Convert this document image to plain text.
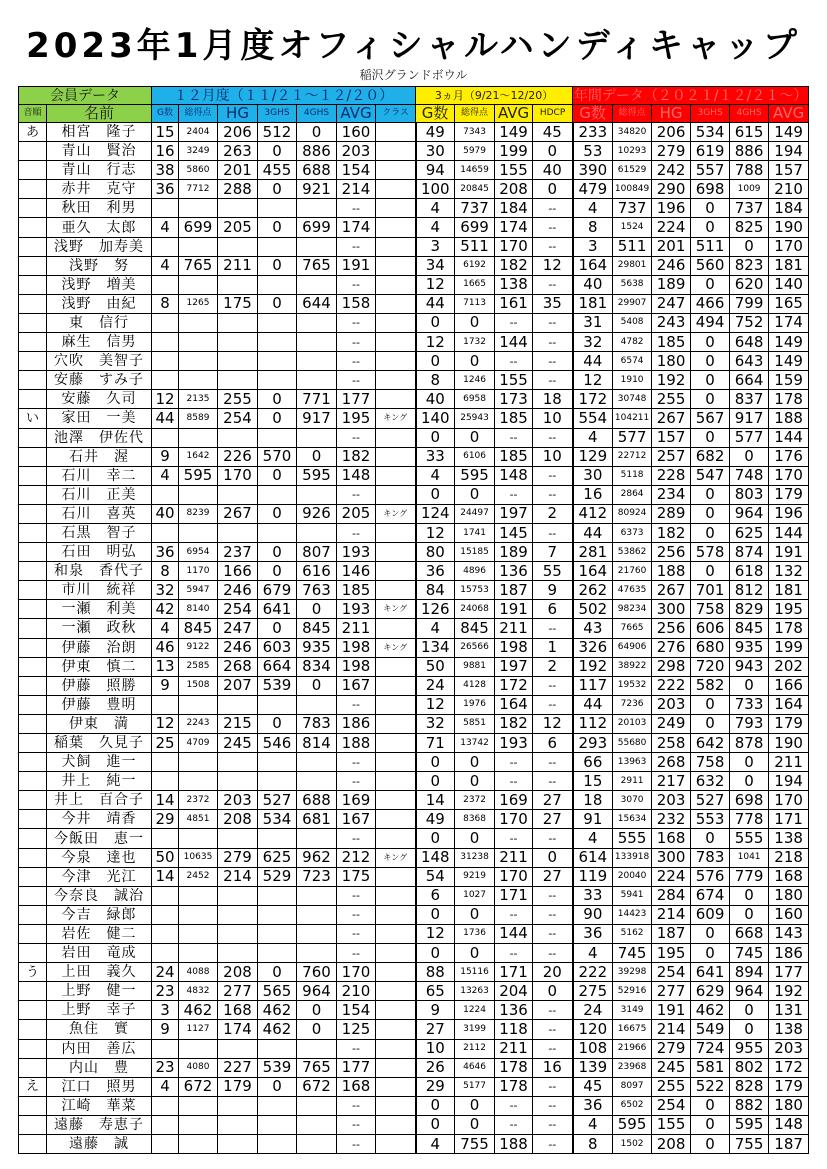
2023年1月度オフィシャルハンディキャップ
稲沢グランドボウル
会員データ		１２月度（１１/２１～１２/２０）							3ヵ月（9/21～12/20）				年間データ（２０２１/１２/２１～）					
音順	名前	G数	総得点	HG	3GHS	4GHS	AVG	クラス	G数	総得点	AVG	HDCP	G数	総得点	HG	3GHS	4GHS	AVG
あ	相宮　隆子	15	2404	206	512	0	160		49	7343	149	45	233	34820	206	534	615	149
	青山　賢治	16	3249	263	0	886	203		30	5979	199	0	53	10293	279	619	886	194
	青山　行志	38	5860	201	455	688	154		94	14659	155	40	390	61529	242	557	788	157
	赤井　克守	36	7712	288	0	921	214		100	20845	208	0	479	100849	290	698	1009	210
	秋田　利男						--		4	737	184	--	4	737	196	0	737	184
	亜久　太郎	4	699	205	0	699	174		4	699	174	--	8	1524	224	0	825	190
	浅野　加寿美						--		3	511	170	--	3	511	201	511	0	170
	浅野　努	4	765	211	0	765	191		34	6192	182	12	164	29801	246	560	823	181
	浅野　増美						--		12	1665	138	--	40	5638	189	0	620	140
	浅野　由紀	8	1265	175	0	644	158		44	7113	161	35	181	29907	247	466	799	165
	東　信行						--		0	0	--	--	31	5408	243	494	752	174
	麻生　信男						--		12	1732	144	--	32	4782	185	0	648	149
	穴吹　美智子						--		0	0	--	--	44	6574	180	0	643	149
	安藤　すみ子						--		8	1246	155	--	12	1910	192	0	664	159
	安藤　久司	12	2135	255	0	771	177		40	6958	173	18	172	30748	255	0	837	178
い	家田　一美	44	8589	254	0	917	195	キング	140	25943	185	10	554	104211	267	567	917	188
	池澤　伊佐代						--		0	0	--	--	4	577	157	0	577	144
	石井　渥	9	1642	226	570	0	182		33	6106	185	10	129	22712	257	682	0	176
	石川　幸二	4	595	170	0	595	148		4	595	148	--	30	5118	228	547	748	170
	石川　正美						--		0	0	--	--	16	2864	234	0	803	179
	石川　喜英	40	8239	267	0	926	205	キング	124	24497	197	2	412	80924	289	0	964	196
	石黒　智子						--		12	1741	145	--	44	6373	182	0	625	144
	石田　明弘	36	6954	237	0	807	193		80	15185	189	7	281	53862	256	578	874	191
	和泉　香代子	8	1170	166	0	616	146		36	4896	136	55	164	21760	188	0	618	132
	市川　統祥	32	5947	246	679	763	185		84	15753	187	9	262	47635	267	701	812	181
	一瀬　利美	42	8140	254	641	0	193	キング	126	24068	191	6	502	98234	300	758	829	195
	一瀬　政秋	4	845	247	0	845	211		4	845	211	--	43	7665	256	606	845	178
	伊藤　治朗	46	9122	246	603	935	198	キング	134	26566	198	1	326	64906	276	680	935	199
	伊東　慎二	13	2585	268	664	834	198		50	9881	197	2	192	38922	298	720	943	202
	伊藤　照勝	9	1508	207	539	0	167		24	4128	172	--	117	19532	222	582	0	166
	伊藤　豊明						--		12	1976	164	--	44	7236	203	0	733	164
	伊東　満	12	2243	215	0	783	186		32	5851	182	12	112	20103	249	0	793	179
	稲葉　久見子	25	4709	245	546	814	188		71	13742	193	6	293	55680	258	642	878	190
	犬飼　進一						--		0	0	--	--	66	13963	268	758	0	211
	井上　純一						--		0	0	--	--	15	2911	217	632	0	194
	井上　百合子	14	2372	203	527	688	169		14	2372	169	27	18	3070	203	527	698	170
	今井　靖香	29	4851	208	534	681	167		49	8368	170	27	91	15634	232	553	778	171
	今飯田　恵一						--		0	0	--	--	4	555	168	0	555	138
	今泉　達也	50	10635	279	625	962	212	キング	148	31238	211	0	614	133918	300	783	1041	218
	今津　光江	14	2452	214	529	723	175		54	9219	170	27	119	20040	224	576	779	168
	今奈良　誠治						--		6	1027	171	--	33	5941	284	674	0	180
	今吉　緑郎						--		0	0	--	--	90	14423	214	609	0	160
	岩佐　健二						--		12	1736	144	--	36	5162	187	0	668	143
	岩田　竜成						--		0	0	--	--	4	745	195	0	745	186
う	上田　義久	24	4088	208	0	760	170		88	15116	171	20	222	39298	254	641	894	177
	上野　健一	23	4832	277	565	964	210		65	13263	204	0	275	52916	277	629	964	192
	上野　幸子	3	462	168	462	0	154		9	1224	136	--	24	3149	191	462	0	131
	魚住　實	9	1127	174	462	0	125		27	3199	118	--	120	16675	214	549	0	138
	内田　善広						--		10	2112	211	--	108	21966	279	724	955	203
	内山　豊	23	4080	227	539	765	177		26	4646	178	16	139	23968	245	581	802	172
え	江口　照男	4	672	179	0	672	168		29	5177	178	--	45	8097	255	522	828	179
	江崎　華菜						--		0	0	--	--	36	6502	254	0	882	180
	遠藤　寿恵子						--		0	0	--	--	4	595	155	0	595	148
	遠藤　誠						--		4	755	188	--	8	1502	208	0	755	187
